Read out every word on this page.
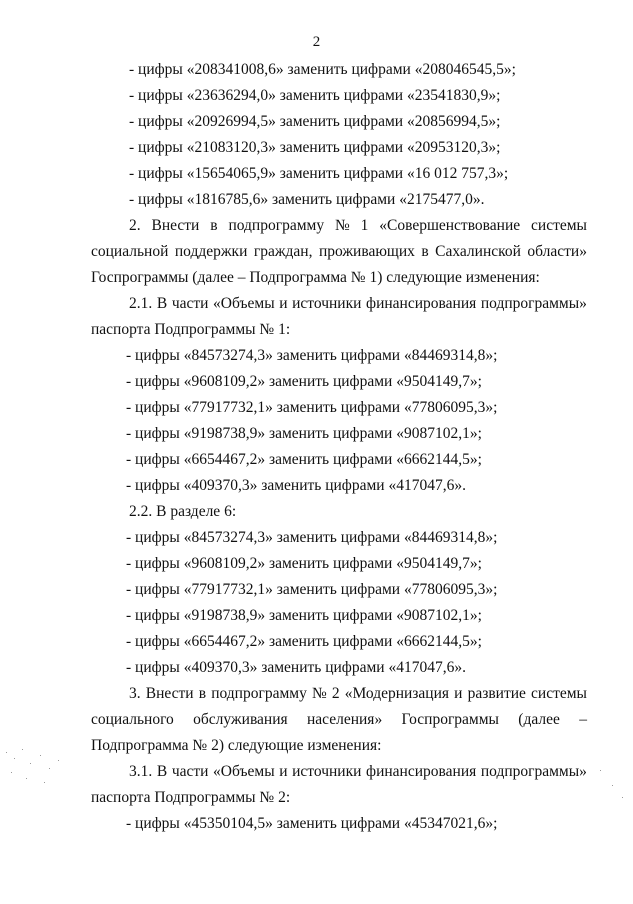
2
- цифры «208341008,6» заменить цифрами «208046545,5»;
- цифры «23636294,0» заменить цифрами «23541830,9»;
- цифры «20926994,5» заменить цифрами «20856994,5»;
- цифры «21083120,3» заменить цифрами «20953120,3»;
- цифры «15654065,9» заменить цифрами «16 012 757,3»;
- цифры «1816785,6» заменить цифрами «2175477,0».
2. Внести в подпрограмму № 1 «Совершенствование системы
социальной поддержки граждан, проживающих в Сахалинской области»
Госпрограммы (далее – Подпрограмма № 1) следующие изменения:
2.1. В части «Объемы и источники финансирования подпрограммы»
паспорта Подпрограммы № 1:
- цифры «84573274,3» заменить цифрами «84469314,8»;
- цифры «9608109,2» заменить цифрами «9504149,7»;
- цифры «77917732,1» заменить цифрами «77806095,3»;
- цифры «9198738,9» заменить цифрами «9087102,1»;
- цифры «6654467,2» заменить цифрами «6662144,5»;
- цифры «409370,3» заменить цифрами «417047,6».
2.2. В разделе 6:
- цифры «84573274,3» заменить цифрами «84469314,8»;
- цифры «9608109,2» заменить цифрами «9504149,7»;
- цифры «77917732,1» заменить цифрами «77806095,3»;
- цифры «9198738,9» заменить цифрами «9087102,1»;
- цифры «6654467,2» заменить цифрами «6662144,5»;
- цифры «409370,3» заменить цифрами «417047,6».
3. Внести в подпрограмму № 2 «Модернизация и развитие системы
социального обслуживания населения» Госпрограммы (далее –
Подпрограмма № 2) следующие изменения:
3.1. В части «Объемы и источники финансирования подпрограммы»
паспорта Подпрограммы № 2:
- цифры «45350104,5» заменить цифрами «45347021,6»;
